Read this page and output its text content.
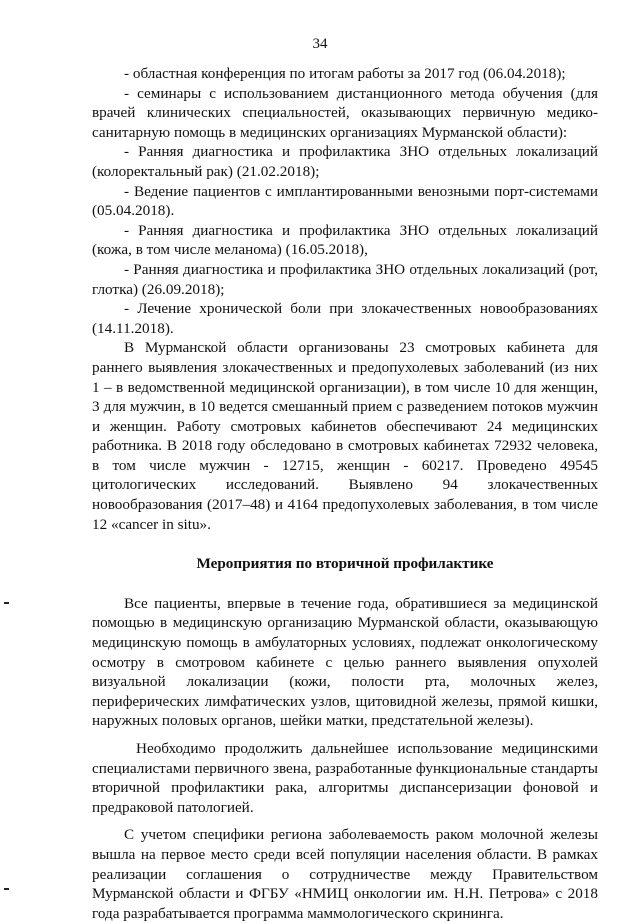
34

- областная конференция по итогам работы за 2017 год (06.04.2018);

- семинары с использованием дистанционного метода обучения (для врачей клинических специальностей, оказывающих первичную медико-санитарную помощь в медицинских организациях Мурманской области):

- Ранняя диагностика и профилактика ЗНО отдельных локализаций (колоректальный рак) (21.02.2018);

- Ведение пациентов с имплантированными венозными порт-системами (05.04.2018).

- Ранняя диагностика и профилактика ЗНО отдельных локализаций (кожа, в том числе меланома) (16.05.2018),

- Ранняя диагностика и профилактика ЗНО отдельных локализаций (рот, глотка) (26.09.2018);

- Лечение хронической боли при злокачественных новообразованиях (14.11.2018).

В Мурманской области организованы 23 смотровых кабинета для раннего выявления злокачественных и предопухолевых заболеваний (из них 1 – в ведомственной медицинской организации), в том числе 10 для женщин, 3 для мужчин, в 10 ведется смешанный прием с разведением потоков мужчин и женщин. Работу смотровых кабинетов обеспечивают 24 медицинских работника. В 2018 году обследовано в смотровых кабинетах 72932 человека, в том числе мужчин - 12715, женщин - 60217. Проведено 49545 цитологических исследований. Выявлено 94 злокачественных новообразования (2017–48) и 4164 предопухолевых заболевания, в том числе 12 «cancer in situ».

Мероприятия по вторичной профилактике

Все пациенты, впервые в течение года, обратившиеся за медицинской помощью в медицинскую организацию Мурманской области, оказывающую медицинскую помощь в амбулаторных условиях, подлежат онкологическому осмотру в смотровом кабинете с целью раннего выявления опухолей визуальной локализации (кожи, полости рта, молочных желез, периферических лимфатических узлов, щитовидной железы, прямой кишки, наружных половых органов, шейки матки, предстательной железы).

Необходимо продолжить дальнейшее использование медицинскими специалистами первичного звена, разработанные функциональные стандарты вторичной профилактики рака, алгоритмы диспансеризации фоновой и предраковой патологией.

С учетом специфики региона заболеваемость раком молочной железы вышла на первое место среди всей популяции населения области. В рамках реализации соглашения о сотрудничестве между Правительством Мурманской области и ФГБУ «НМИЦ онкологии им. Н.Н. Петрова» с 2018 года разрабатывается программа маммологического скрининга.
